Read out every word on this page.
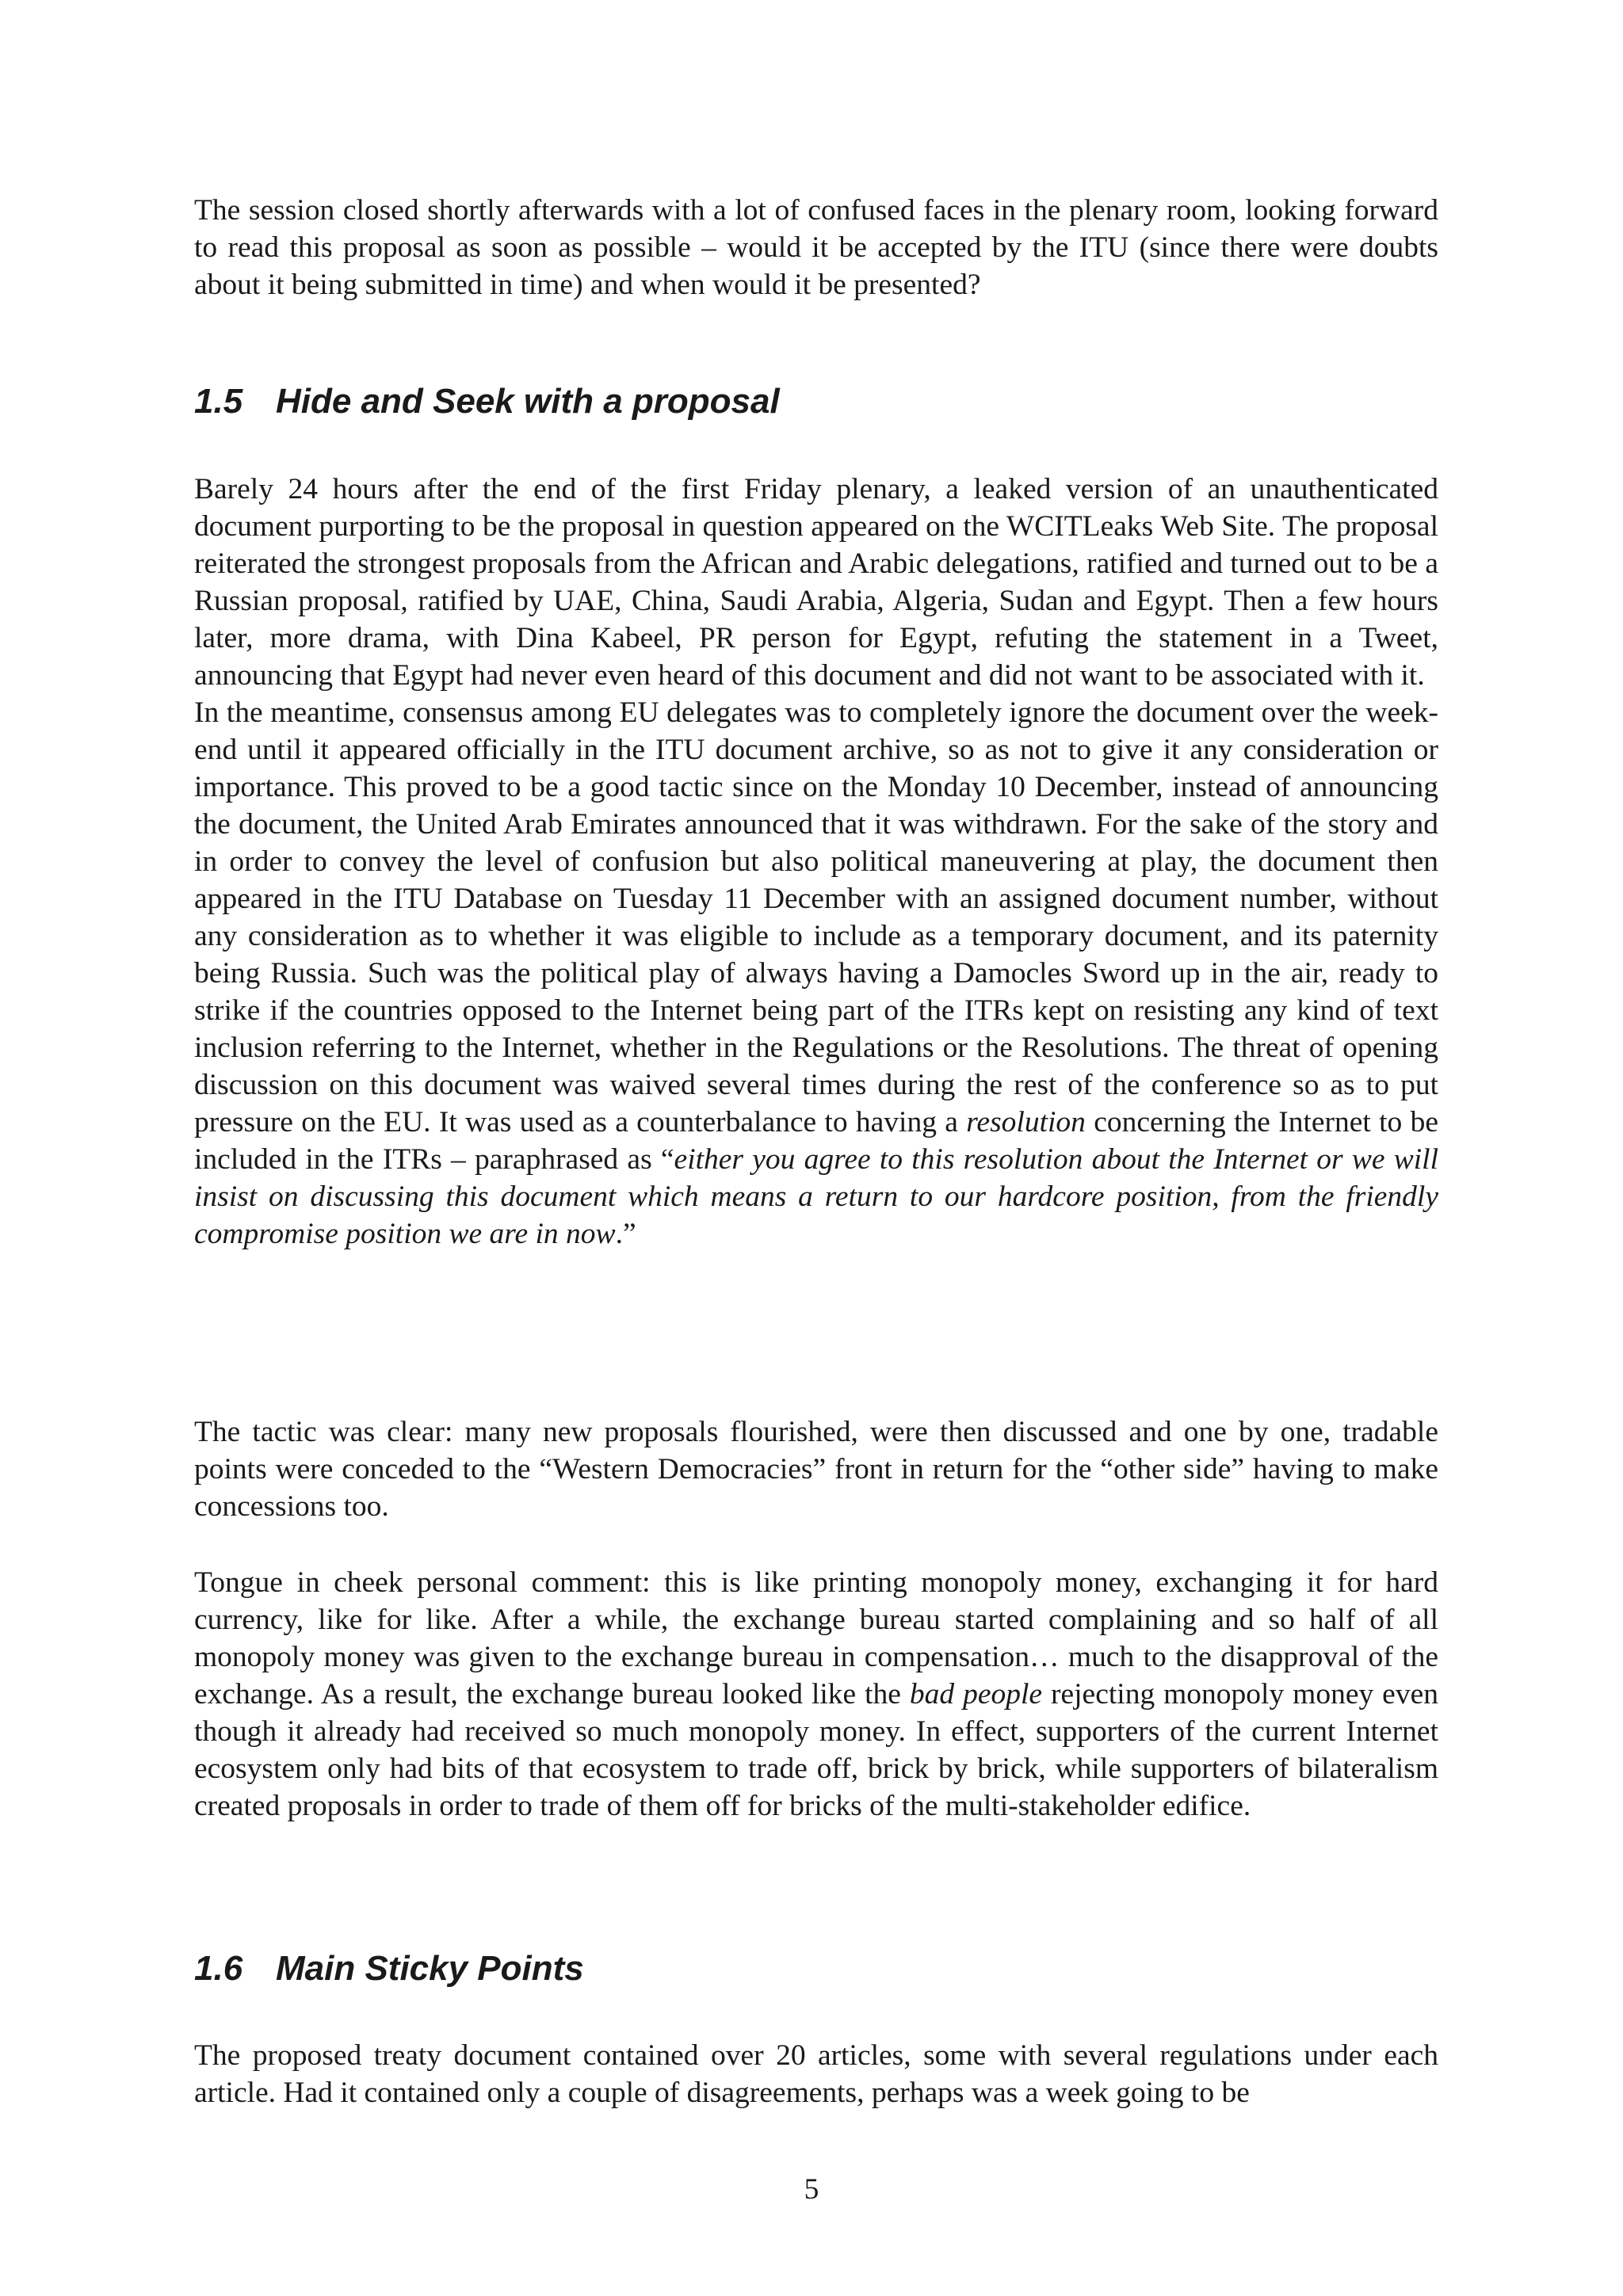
The session closed shortly afterwards with a lot of confused faces in the plenary room, looking forward to read this proposal as soon as possible – would it be accepted by the ITU (since there were doubts about it being submitted in time) and when would it be presented?

1.5 Hide and Seek with a proposal

Barely 24 hours after the end of the first Friday plenary, a leaked version of an unauthenticated document purporting to be the proposal in question appeared on the WCITLeaks Web Site. The proposal reiterated the strongest proposals from the African and Arabic delegations, ratified and turned out to be a Russian proposal, ratified by UAE, China, Saudi Arabia, Algeria, Sudan and Egypt. Then a few hours later, more drama, with Dina Kabeel, PR person for Egypt, refuting the statement in a Tweet, announcing that Egypt had never even heard of this document and did not want to be associated with it.

In the meantime, consensus among EU delegates was to completely ignore the document over the week-end until it appeared officially in the ITU document archive, so as not to give it any consideration or importance. This proved to be a good tactic since on the Monday 10 December, instead of announcing the document, the United Arab Emirates announced that it was withdrawn. For the sake of the story and in order to convey the level of confusion but also political maneuvering at play, the document then appeared in the ITU Database on Tuesday 11 December with an assigned document number, without any consideration as to whether it was eligible to include as a temporary document, and its paternity being Russia. Such was the political play of always having a Damocles Sword up in the air, ready to strike if the countries opposed to the Internet being part of the ITRs kept on resisting any kind of text inclusion referring to the Internet, whether in the Regulations or the Resolutions. The threat of opening discussion on this document was waived several times during the rest of the conference so as to put pressure on the EU. It was used as a counterbalance to having a resolution concerning the Internet to be included in the ITRs – paraphrased as “either you agree to this resolution about the Internet or we will insist on discussing this document which means a return to our hardcore position, from the friendly compromise position we are in now.”

The tactic was clear: many new proposals flourished, were then discussed and one by one, tradable points were conceded to the “Western Democracies” front in return for the “other side” having to make concessions too.

Tongue in cheek personal comment: this is like printing monopoly money, exchanging it for hard currency, like for like. After a while, the exchange bureau started complaining and so half of all monopoly money was given to the exchange bureau in compensation… much to the disapproval of the exchange. As a result, the exchange bureau looked like the bad people rejecting monopoly money even though it already had received so much monopoly money. In effect, supporters of the current Internet ecosystem only had bits of that ecosystem to trade off, brick by brick, while supporters of bilateralism created proposals in order to trade of them off for bricks of the multi-stakeholder edifice.

1.6 Main Sticky Points

The proposed treaty document contained over 20 articles, some with several regulations under each article. Had it contained only a couple of disagreements, perhaps was a week going to be

5
